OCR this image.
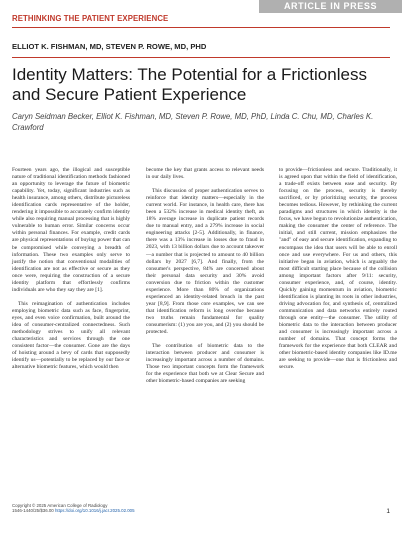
ARTICLE IN PRESS
RETHINKING THE PATIENT EXPERIENCE
ELLIOT K. FISHMAN, MD, STEVEN P. ROWE, MD, PHD
Identity Matters: The Potential for a Frictionless and Secure Patient Experience
Caryn Seidman Becker, Elliot K. Fishman, MD, Steven P. Rowe, MD, PhD, Linda C. Chu, MD, Charles K. Crawford

Fourteen years ago, the illogical and susceptible nature of traditional identification methods fashioned an opportunity to leverage the future of biometric capability. Yet, today, significant industries such as health insurance, among others, distribute pictureless identification cards representative of the holder, rendering it impossible to accurately confirm identity while also requiring manual processing that is highly vulnerable to human error. Similar concerns occur within personal finances. For example, credit cards are physical representations of buying power that can be compromised while conveying a breadth of information. These two examples only serve to justify the notion that conventional modalities of identification are not as effective or secure as they once were, requiring the construction of a secure identity platform that effortlessly confirms individuals are who they say they are [1].

This reimagination of authentication includes employing biometric data such as face, fingerprint, eyes, and even voice confirmation, built around the idea of consumer-centralized connectedness. Such methodology strives to unify all relevant characteristics and services through the one consistent factor—the consumer. Gone are the days of hoisting around a bevy of cards that supposedly identify us—potentially to be replaced by our face or alternative biometric features, which would then

become the key that grants access to relevant needs in our daily lives.

This discussion of proper authentication serves to reinforce that identity matters—especially in the current world. For instance, in health care, there has been a 532% increase in medical identity theft, an 18% average increase in duplicate patient records due to manual entry, and a 279% increase in social engineering attacks [2-5]. Additionally, in finance, there was a 13% increase in losses due to fraud in 2023, with 13 billion dollars due to account takeover—a number that is projected to amount to 40 billion dollars by 2027 [6,7]. And finally, from the consumer's perspective, 84% are concerned about their personal data security and 30% avoid conversion due to friction within the customer experience. More than 80% of organizations experienced an identity-related breach in the past year [8,9]. From those core examples, we can see that identification reform is long overdue because two truths remain fundamental for quality consumerism: (1) you are you, and (2) you should be protected.

The contribution of biometric data to the interaction between producer and consumer is increasingly important across a number of domains. Those two important concepts form the framework for the experience that both we at Clear Secure and other biometric-based companies are seeking

to provide—frictionless and secure. Traditionally, it is agreed upon that within the field of identification, a trade-off exists between ease and security. By focusing on the process, security is thereby sacrificed, or by prioritizing security, the process becomes tedious. However, by rethinking the current paradigms and structures in which identity is the focus, we have begun to revolutionize authentication, making the consumer the center of reference. The initial, and still current, mission emphasizes the "and" of easy and secure identification, expanding to encompass the idea that users will be able to enroll once and use everywhere. For us and others, this initiative began in aviation, which is arguably the most difficult starting place because of the collision among important factors after 9/11: security, consumer experience, and, of course, identity. Quickly gaining momentum in aviation, biometric identification is planting its roots in other industries, driving advocation for, and synthesis of, centralized communication and data networks entirely routed through one entity—the consumer. The utility of biometric data to the interaction between producer and consumer is increasingly important across a number of domains. That concept forms the framework for the experience that both CLEAR and other biometric-based identity companies like ID.me are seeking to provide—one that is frictionless and secure.

Copyright © 2025 American College of Radiology
1546-1440/25/$36.00 https://doi.org/10.1016/j.jacr.2025.02.005	1
